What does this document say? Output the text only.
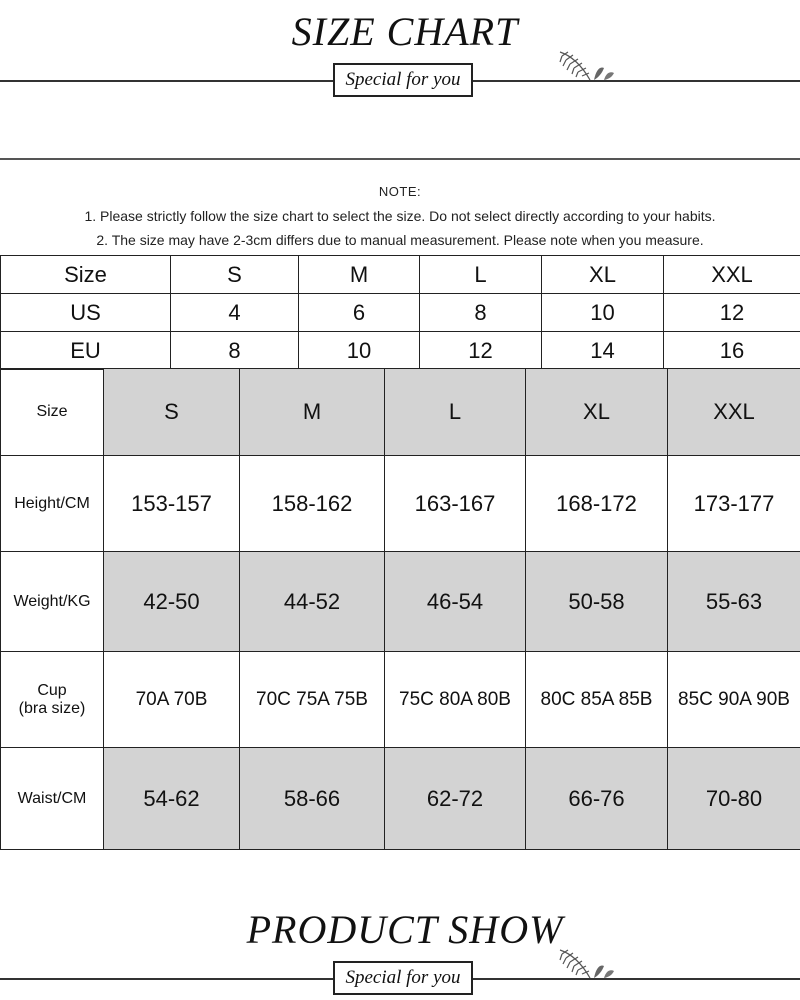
SIZE CHART
Special for you
NOTE:
1. Please strictly follow the size chart to select the size. Do not select directly according to your habits.
2. The size may have 2-3cm differs due to manual measurement. Please note when you measure.
Size	S	M	L	XL	XXL
US	4	6	8	10	12
EU	8	10	12	14	16
Size	S	M	L	XL	XXL
Height/CM	153-157	158-162	163-167	168-172	173-177
Weight/KG	42-50	44-52	46-54	50-58	55-63
Cup
(bra size)	70A 70B	70C 75A 75B	75C 80A 80B	80C 85A 85B	85C 90A 90B
Waist/CM	54-62	58-66	62-72	66-76	70-80
PRODUCT SHOW
Special for you
